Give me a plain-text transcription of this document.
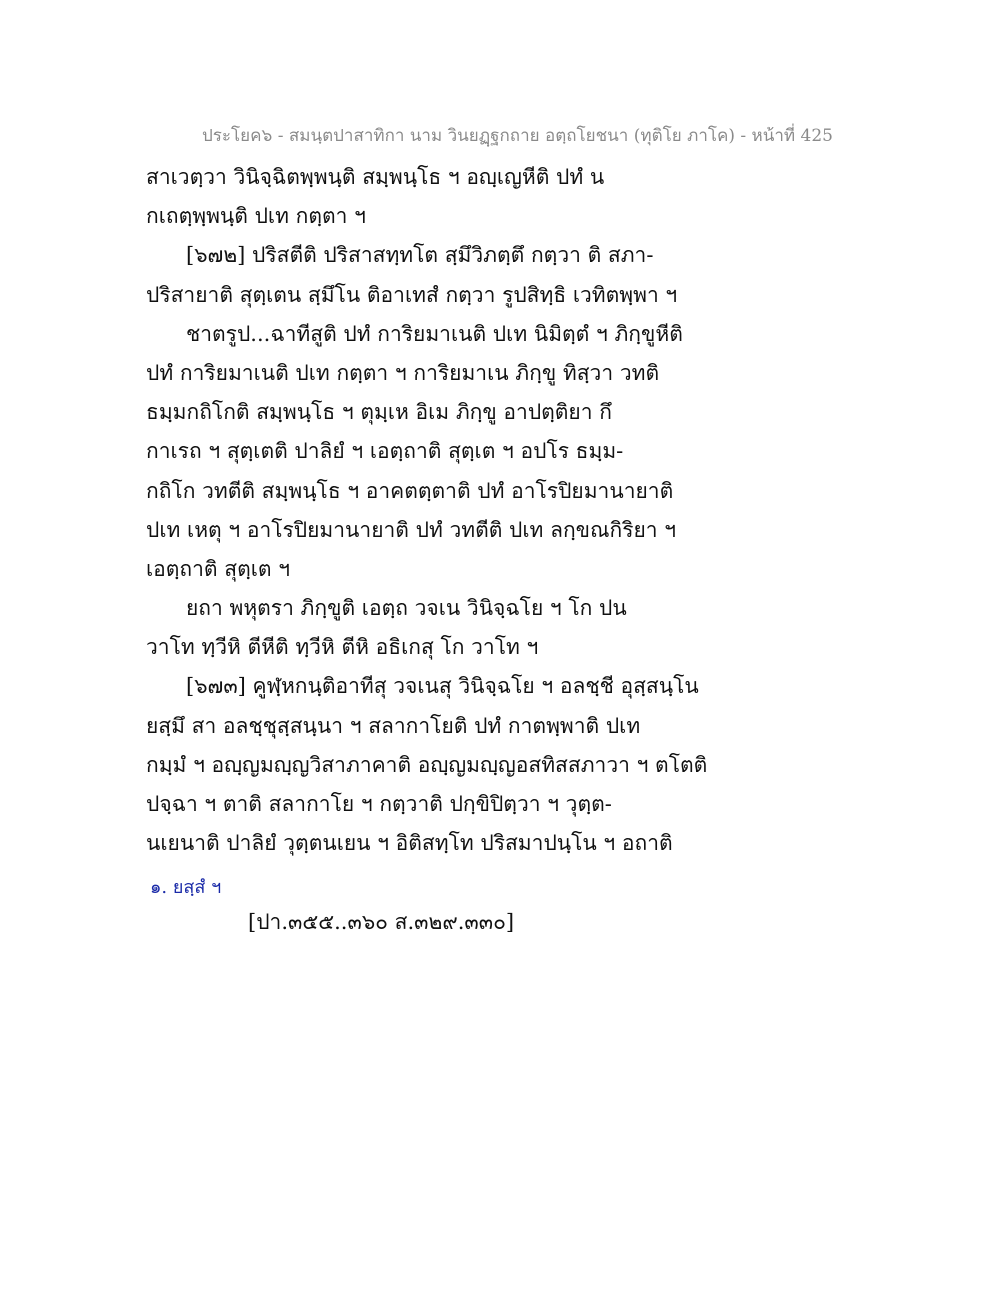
ประโยค๖ - สมนฺตปาสาทิกา นาม วินยฏฺฐกถาย อตฺถโยชนา (ทุติโย ภาโค) - หน้าที่ 425
สาเวตฺวา วินิจฺฉิตพฺพนฺติ สมฺพนฺโธ ฯ อญฺเญหีติ ปทํ น
กเถตฺพฺพนฺติ ปเท กตฺตา ฯ
[๖๗๒] ปริสตีติ ปริสาสทฺทโต สฺมึวิภตฺตึ กตฺวา ติ สภา-
ปริสายาติ สุตฺเตน สฺมึโน ติอาเทสํ กตฺวา รูปสิทฺธิ เวทิตพฺพา ฯ
ชาตรูป...ฉาทีสูติ ปทํ การิยมาเนติ ปเท นิมิตฺตํ ฯ ภิกฺขูหีติ
ปทํ การิยมาเนติ ปเท กตฺตา ฯ การิยมาเน ภิกฺขู ทิสฺวา วทติ
ธมฺมกถิโกติ สมฺพนฺโธ ฯ ตุมฺเห อิเม ภิกฺขู อาปตฺติยา กึ
กาเรถ ฯ สุตฺเตติ ปาลิยํ ฯ เอตฺถาติ สุตฺเต ฯ อปโร ธมฺม-
กถิโก วทตีติ สมฺพนฺโธ ฯ อาคตตฺตาติ ปทํ อาโรปิยมานายาติ
ปเท เหตุ ฯ อาโรปิยมานายาติ ปทํ วทตีติ ปเท ลกฺขณกิริยา ฯ
เอตฺถาติ สุตฺเต ฯ
ยถา พหุตรา ภิกฺขูติ เอตฺถ วจเน วินิจฺฉโย ฯ โก ปน
วาโท ทฺวีหิ ตีหีติ ทฺวีหิ ตีหิ อธิเกสุ โก วาโท ฯ
[๖๗๓] คูฬฺหกนฺติอาทีสุ วจเนสุ วินิจฺฉโย ฯ อลชฺชี อุสฺสนฺโน
ยสฺมึ สา อลชฺชุสฺสนฺนา ฯ สลากาโยติ ปทํ กาตพฺพาติ ปเท
กมฺมํ ฯ อญฺญมญฺญวิสาภาคาติ อญฺญมญฺญอสทิสสภาวา ฯ ตโตติ
ปจฺฉา ฯ ตาติ สลากาโย ฯ กตฺวาติ ปกฺขิปิตฺวา ฯ วุตฺต-
นเยนาติ ปาลิยํ วุตฺตนเยน ฯ อิติสทฺโท ปริสมาปนฺโน ฯ อถาติ
๑. ยสฺสํ ฯ
[ปา.๓๕๕..๓๖๐ ส.๓๒๙.๓๓๐]
